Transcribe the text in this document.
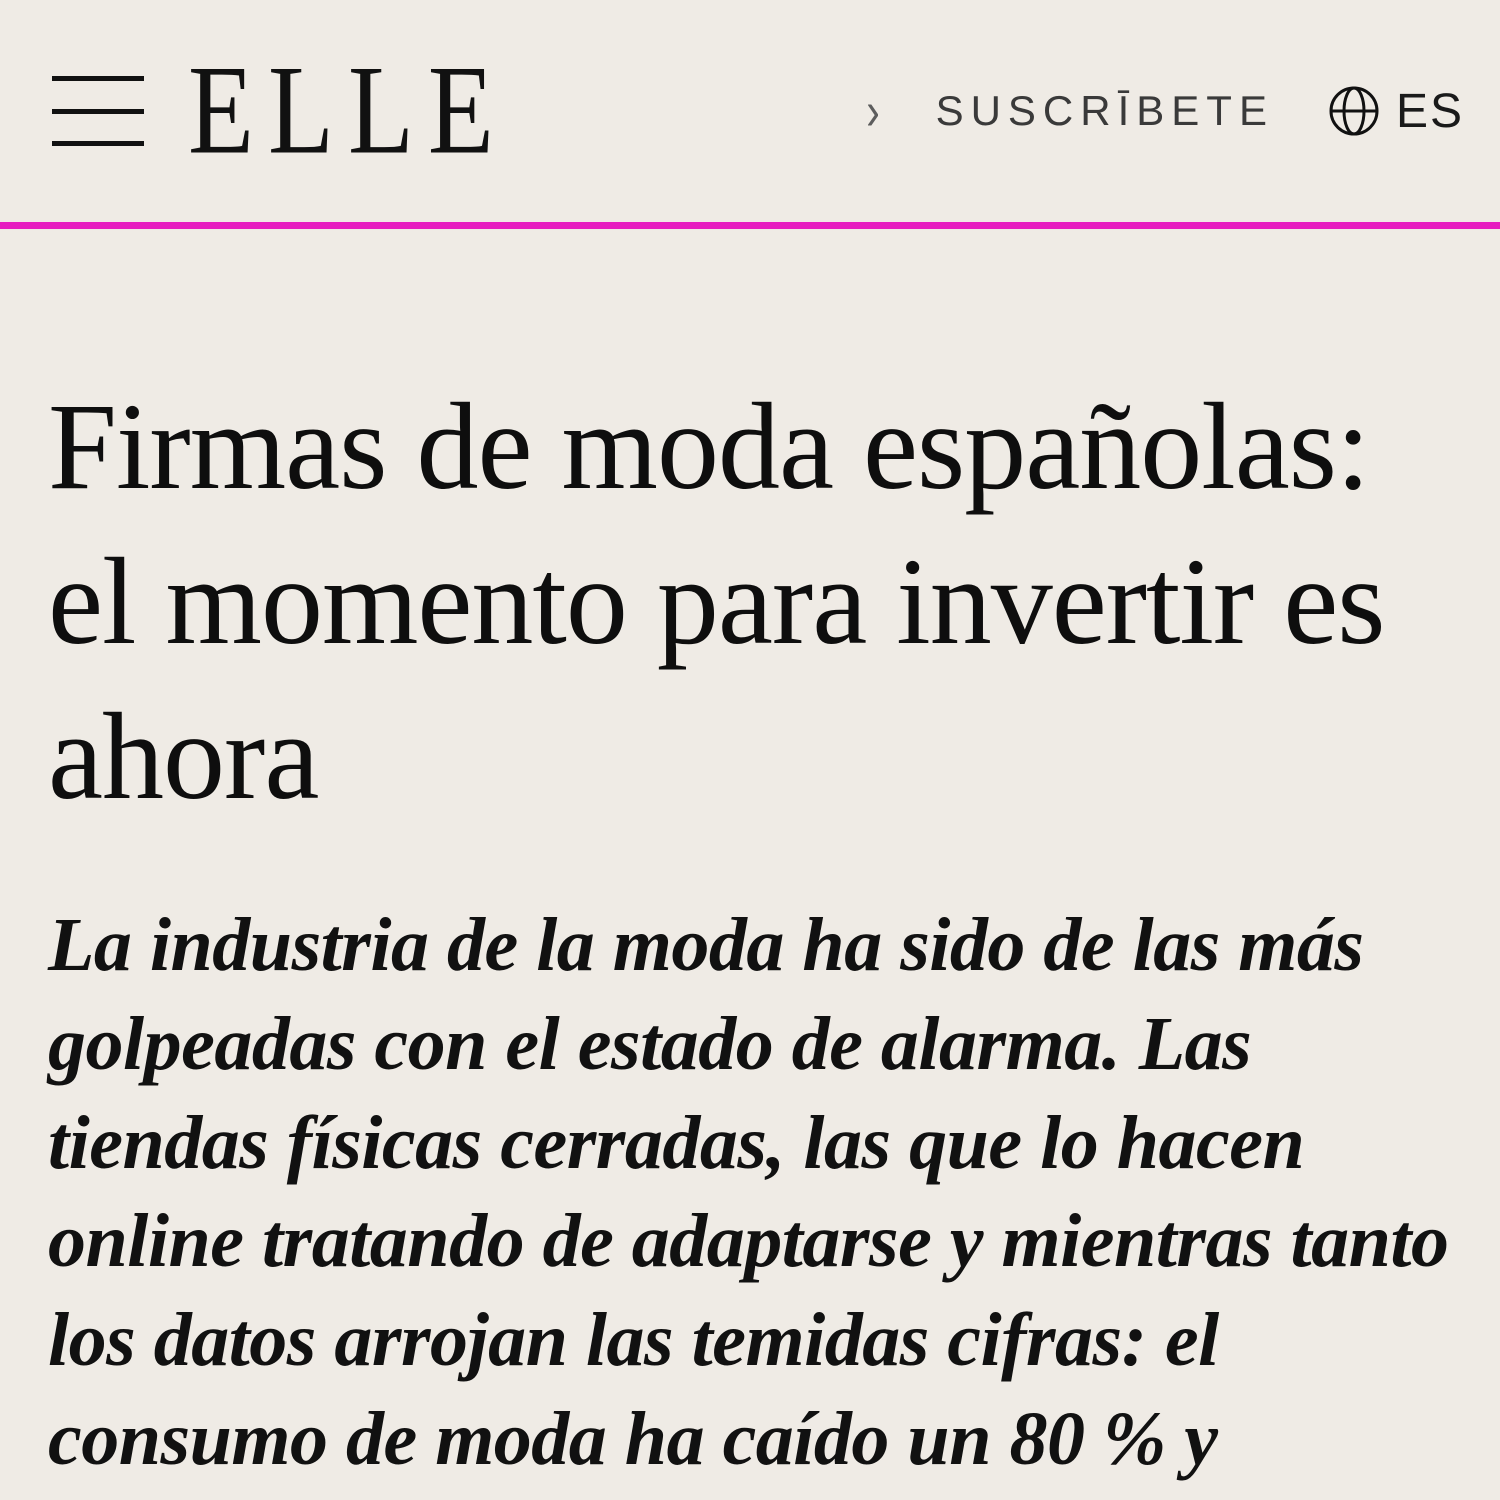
ELLE	› SUSCRĪBETE	ES
Firmas de moda españolas: el momento para invertir es ahora

La industria de la moda ha sido de las más golpeadas con el estado de alarma. Las tiendas físicas cerradas, las que lo hacen online tratando de adaptarse y mientras tanto los datos arrojan las temidas cifras: el consumo de moda ha caído un 80 % y
